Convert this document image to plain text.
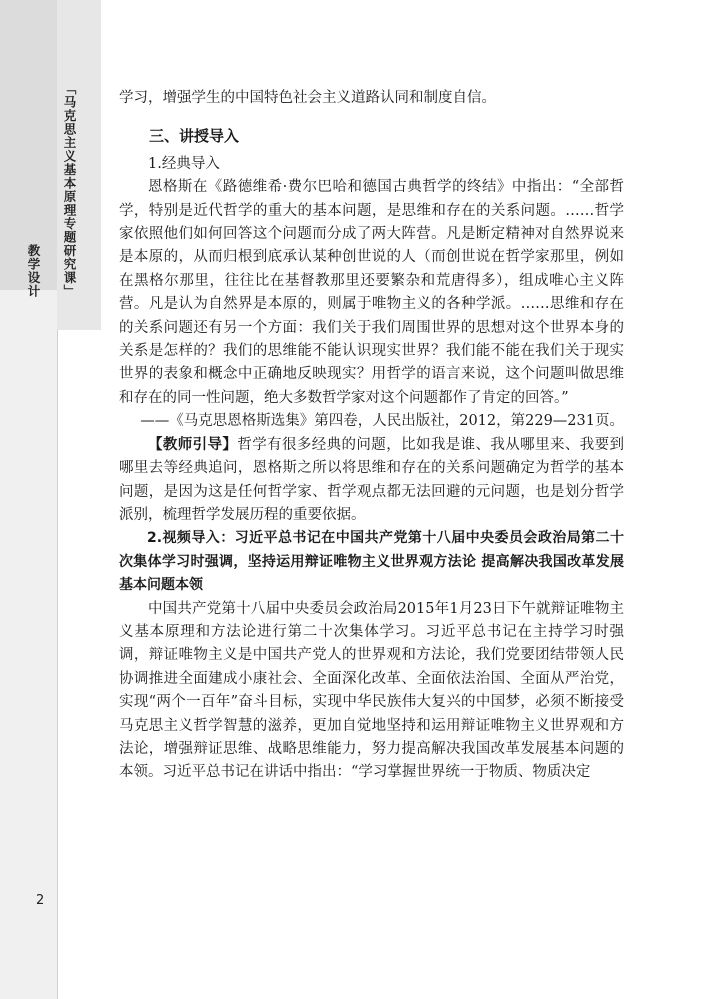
「马克思主义基本原理专题研究课」
教学设计
2

学习，增强学生的中国特色社会主义道路认同和制度自信。

三、讲授导入

1.经典导入

恩格斯在《路德维希·费尔巴哈和德国古典哲学的终结》中指出：“全部哲学，特别是近代哲学的重大的基本问题，是思维和存在的关系问题。……哲学家依照他们如何回答这个问题而分成了两大阵营。凡是断定精神对自然界说来是本原的，从而归根到底承认某种创世说的人（而创世说在哲学家那里，例如在黑格尔那里，往往比在基督教那里还要繁杂和荒唐得多），组成唯心主义阵营。凡是认为自然界是本原的，则属于唯物主义的各种学派。……思维和存在的关系问题还有另一个方面：我们关于我们周围世界的思想对这个世界本身的关系是怎样的？我们的思维能不能认识现实世界？我们能不能在我们关于现实世界的表象和概念中正确地反映现实？用哲学的语言来说，这个问题叫做思维和存在的同一性问题，绝大多数哲学家对这个问题都作了肯定的回答。”

——《马克思恩格斯选集》第四卷，人民出版社，2012，第229—231页。

【教师引导】哲学有很多经典的问题，比如我是谁、我从哪里来、我要到哪里去等经典追问，恩格斯之所以将思维和存在的关系问题确定为哲学的基本问题，是因为这是任何哲学家、哲学观点都无法回避的元问题，也是划分哲学派别，梳理哲学发展历程的重要依据。

2.视频导入：习近平总书记在中国共产党第十八届中央委员会政治局第二十次集体学习时强调，坚持运用辩证唯物主义世界观方法论 提高解决我国改革发展基本问题本领

中国共产党第十八届中央委员会政治局2015年1月23日下午就辩证唯物主义基本原理和方法论进行第二十次集体学习。习近平总书记在主持学习时强调，辩证唯物主义是中国共产党人的世界观和方法论，我们党要团结带领人民协调推进全面建成小康社会、全面深化改革、全面依法治国、全面从严治党，实现“两个一百年”奋斗目标，实现中华民族伟大复兴的中国梦，必须不断接受马克思主义哲学智慧的滋养，更加自觉地坚持和运用辩证唯物主义世界观和方法论，增强辩证思维、战略思维能力，努力提高解决我国改革发展基本问题的本领。习近平总书记在讲话中指出：“学习掌握世界统一于物质、物质决定
